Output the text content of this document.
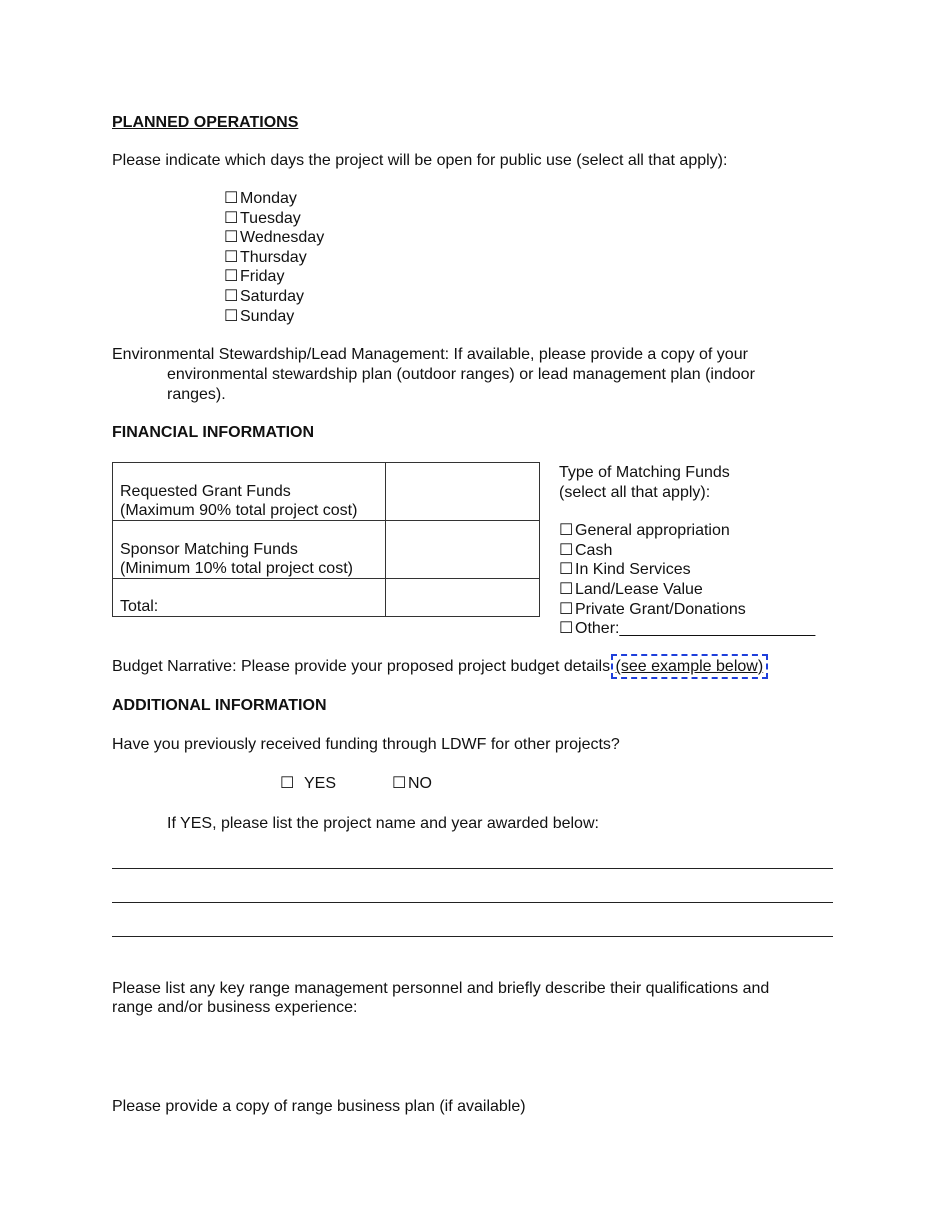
PLANNED OPERATIONS
Please indicate which days the project will be open for public use (select all that apply):
☐ Monday
☐ Tuesday
☐ Wednesday
☐ Thursday
☐ Friday
☐ Saturday
☐ Sunday
Environmental Stewardship/Lead Management: If available, please provide a copy of your
environmental stewardship plan (outdoor ranges) or lead management plan (indoor
ranges).
FINANCIAL INFORMATION
Requested Grant Funds
(Maximum 90% total project cost)	
Sponsor Matching Funds
(Minimum 10% total project cost)	
Total:	
Type of Matching Funds
(select all that apply):
☐ General appropriation
☐ Cash
☐ In Kind Services
☐ Land/Lease Value
☐ Private Grant/Donations
☐ Other:______________________
Budget Narrative: Please provide your proposed project budget details (see example below)
ADDITIONAL INFORMATION
Have you previously received funding through LDWF for other projects?
☐ YES	☐ NO
If YES, please list the project name and year awarded below:
Please list any key range management personnel and briefly describe their qualifications and
range and/or business experience:
Please provide a copy of range business plan (if available)
